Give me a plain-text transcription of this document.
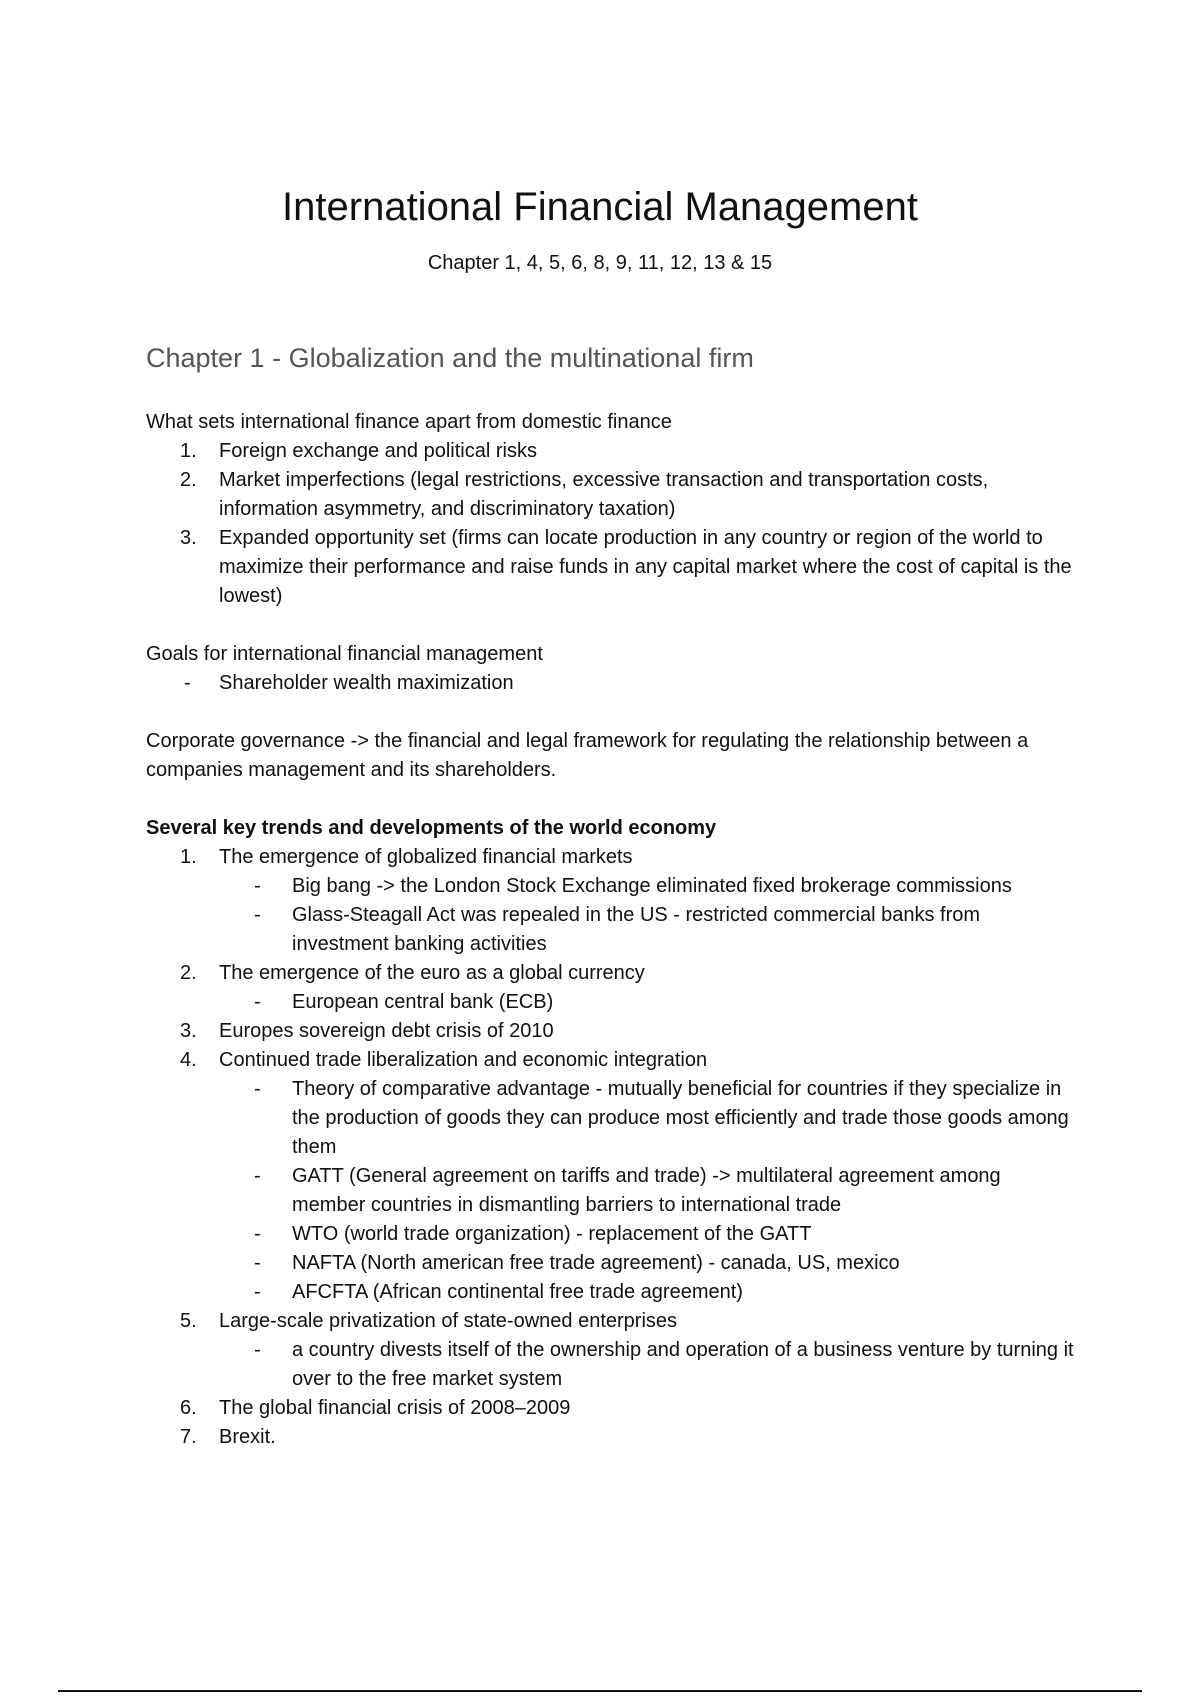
International Financial Management
Chapter 1, 4, 5, 6, 8, 9, 11, 12, 13 & 15
Chapter 1 - Globalization and the multinational firm

What sets international finance apart from domestic finance

1.	Foreign exchange and political risks
2.	Market imperfections (legal restrictions, excessive transaction and transportation costs, information asymmetry, and discriminatory taxation)
3.	Expanded opportunity set (firms can locate production in any country or region of the world to maximize their performance and raise funds in any capital market where the cost of capital is the lowest)

Goals for international financial management

-	Shareholder wealth maximization

Corporate governance -> the financial and legal framework for regulating the relationship between a companies management and its shareholders.

Several key trends and developments of the world economy

1.	The emergence of globalized financial markets
-	Big bang -> the London Stock Exchange eliminated fixed brokerage commissions
-	Glass-Steagall Act was repealed in the US - restricted commercial banks from investment banking activities
2.	The emergence of the euro as a global currency
-	European central bank (ECB)
3.	Europes sovereign debt crisis of 2010
4.	Continued trade liberalization and economic integration
-	Theory of comparative advantage - mutually beneficial for countries if they specialize in the production of goods they can produce most efficiently and trade those goods among them
-	GATT (General agreement on tariffs and trade) -> multilateral agreement among member countries in dismantling barriers to international trade
-	WTO (world trade organization) - replacement of the GATT
-	NAFTA (North american free trade agreement) - canada, US, mexico
-	AFCFTA (African continental free trade agreement)
5.	Large-scale privatization of state-owned enterprises
-	a country divests itself of the ownership and operation of a business venture by turning it over to the free market system
6.	The global financial crisis of 2008–2009
7.	Brexit.
